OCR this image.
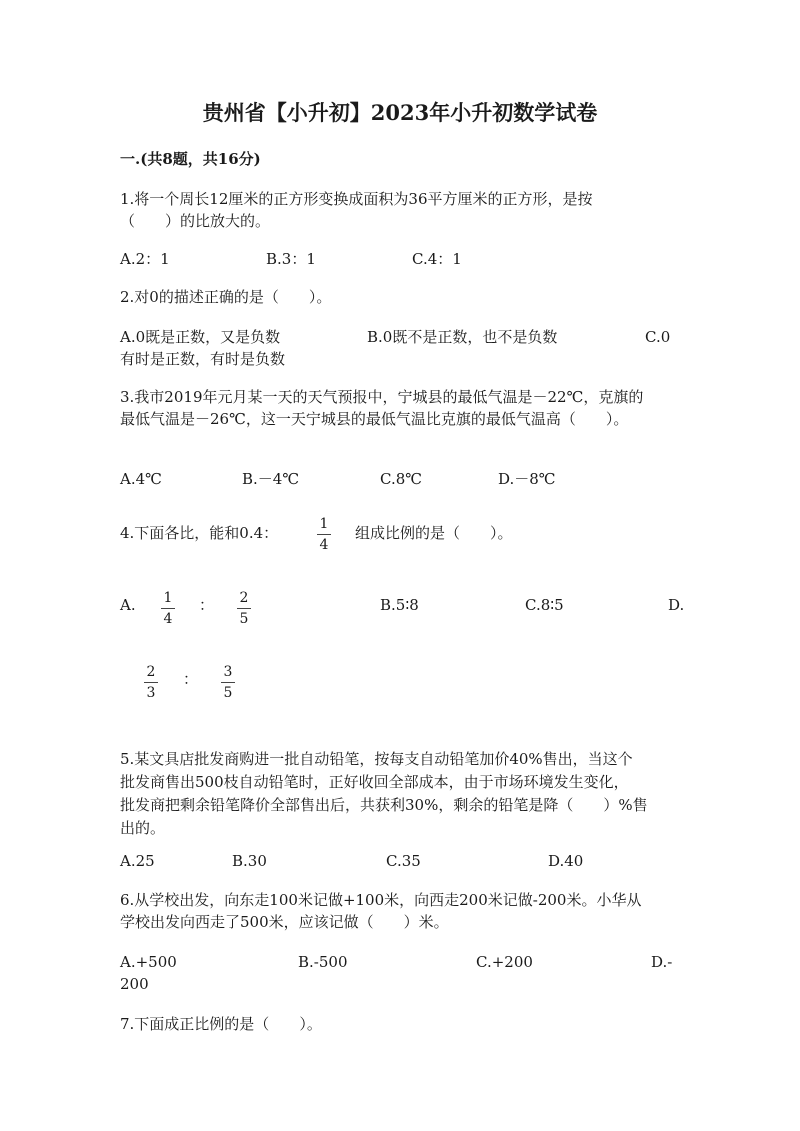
贵州省【小升初】2023年小升初数学试卷
一.(共8题，共16分)
1.将一个周长12厘米的正方形变换成面积为36平方厘米的正方形，是按
（　　）的比放大的。
A.2：1	B.3：1	C.4：1
2.对0的描述正确的是（　　）。
A.0既是正数，又是负数	B.0既不是正数，也不是负数	C.0
有时是正数，有时是负数
3.我市2019年元月某一天的天气预报中，宁城县的最低气温是－22℃，克旗的
最低气温是－26℃，这一天宁城县的最低气温比克旗的最低气温高（　　）。
A.4℃	B.－4℃	C.8℃	D.－8℃
4.下面各比，能和0.4：	1
4
组成比例的是（　　）。
A.	1
4
：	2
5
B.5∶8	C.8∶5	D.
2
3
：	3
5
5.某文具店批发商购进一批自动铅笔，按每支自动铅笔加价40%售出，当这个
批发商售出500枝自动铅笔时，正好收回全部成本，由于市场环境发生变化，
批发商把剩余铅笔降价全部售出后，共获利30%，剩余的铅笔是降（　　）%售
出的。
A.25	B.30	C.35	D.40
6.从学校出发，向东走100米记做+100米，向西走200米记做-200米。小华从
学校出发向西走了500米，应该记做（　　）米。
A.+500	B.-500	C.+200	D.-
200
7.下面成正比例的是（　　）。
